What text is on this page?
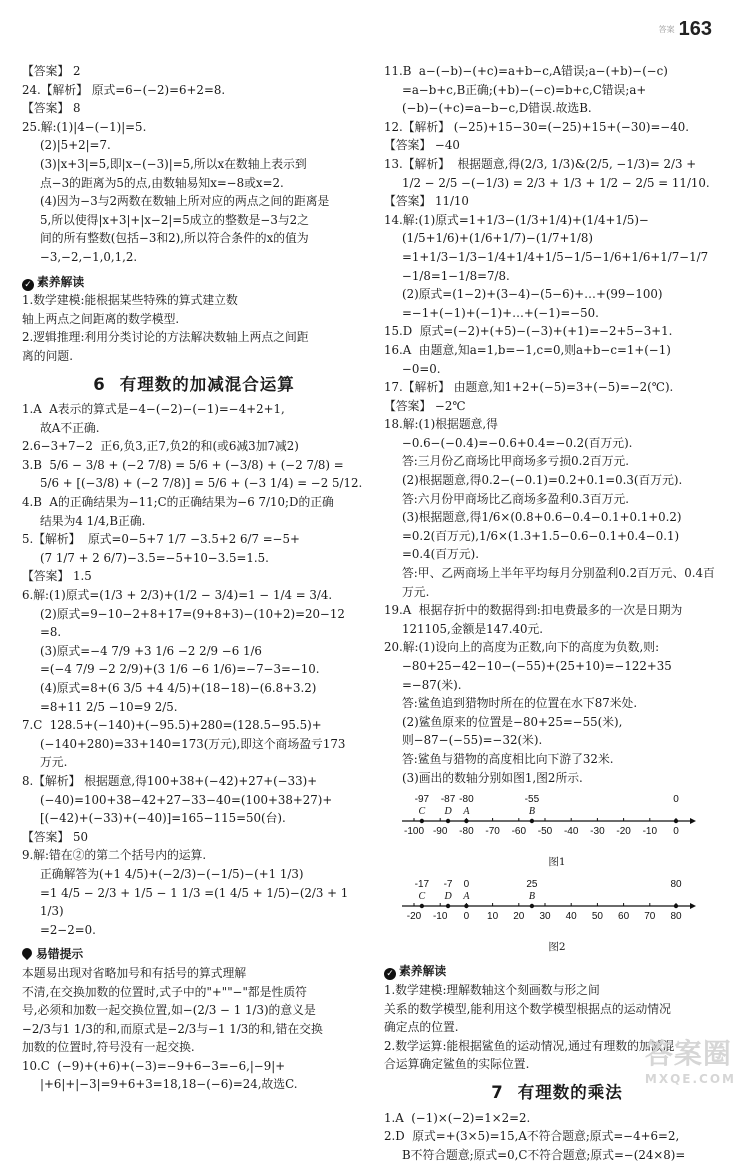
答案 163
【答案】 2
24.【解析】 原式=6−(−2)=6+2=8.
【答案】 8
25.解:(1)|4−(−1)|=5.
(2)|5+2|=7.
(3)|x+3|=5,即|x−(−3)|=5,所以x在数轴上表示到
点−3的距离为5的点,由数轴易知x=−8或x=2.
(4)因为−3与2两数在数轴上所对应的两点之间的距离是
5,所以使得|x+3|+|x−2|=5成立的整数是−3与2之
间的所有整数(包括−3和2),所以符合条件的x的值为
−3,−2,−1,0,1,2.
✓ 素养解读
1.数学建模:能根据某些特殊的算式建立数
轴上两点之间距离的数学模型.
2.逻辑推理:利用分类讨论的方法解决数轴上两点之间距
离的问题.
6 有理数的加减混合运算
1.A  A表示的算式是−4−(−2)−(−1)=−4+2+1,
故A不正确.
2.6−3+7−2  正6,负3,正7,负2的和(或6减3加7减2)
3.B  5/6 − 3/8 + (−2 7/8) = 5/6 + (−3/8) + (−2 7/8) =
5/6 + [(−3/8) + (−2 7/8)] = 5/6 + (−3 1/4) = −2 5/12.
4.B  A的正确结果为−11;C的正确结果为−6 7/10;D的正确
结果为4 1/4,B正确.
5.【解析】  原式=0−5+7 1/7 −3.5+2 6/7 =−5+
(7 1/7 + 2 6/7)−3.5=−5+10−3.5=1.5.
【答案】 1.5
6.解:(1)原式=(1/3 + 2/3)+(1/2 − 3/4)=1 − 1/4 = 3/4.
(2)原式=9−10−2+8+17=(9+8+3)−(10+2)=20−12
=8.
(3)原式=−4 7/9 +3 1/6 −2 2/9 −6 1/6
=(−4 7/9 −2 2/9)+(3 1/6 −6 1/6)=−7−3=−10.
(4)原式=8+(6 3/5 +4 4/5)+(18−18)−(6.8+3.2)
=8+11 2/5 −10=9 2/5.
7.C  128.5+(−140)+(−95.5)+280=(128.5−95.5)+
(−140+280)=33+140=173(万元),即这个商场盈亏173
万元.
8.【解析】 根据题意,得100+38+(−42)+27+(−33)+
(−40)=100+38−42+27−33−40=(100+38+27)+
[(−42)+(−33)+(−40)]=165−115=50(台).
【答案】 50
9.解:错在②的第二个括号内的运算.
正确解答为(+1 4/5)+(−2/3)−(−1/5)−(+1 1/3)
=1 4/5 − 2/3 + 1/5 − 1 1/3 =(1 4/5 + 1/5)−(2/3 + 1 1/3)
=2−2=0.
易错提示
本题易出现对省略加号和有括号的算式理解
不清,在交换加数的位置时,式子中的"+""−"都是性质符
号,必须和加数一起交换位置,如−(2/3 − 1 1/3)的意义是
−2/3与1 1/3的和,而原式是−2/3与−1 1/3的和,错在交换
加数的位置时,符号没有一起交换.
10.C  (−9)+(+6)+(−3)=−9+6−3=−6,|−9|+
|+6|+|−3|=9+6+3=18,18−(−6)=24,故选C.
11.B  a−(−b)−(+c)=a+b−c,A错误;a−(+b)−(−c)
=a−b+c,B正确;(+b)−(−c)=b+c,C错误;a+
(−b)−(+c)=a−b−c,D错误.故选B.
12.【解析】 (−25)+15−30=(−25)+15+(−30)=−40.
【答案】 −40
13.【解析】  根据题意,得(2/3, 1/3)&(2/5, −1/3)= 2/3 +
1/2 − 2/5 −(−1/3) = 2/3 + 1/3 + 1/2 − 2/5 = 11/10.
【答案】 11/10
14.解:(1)原式=1+1/3−(1/3+1/4)+(1/4+1/5)−
(1/5+1/6)+(1/6+1/7)−(1/7+1/8)
=1+1/3−1/3−1/4+1/4+1/5−1/5−1/6+1/6+1/7−1/7
−1/8=1−1/8=7/8.
(2)原式=(1−2)+(3−4)−(5−6)+…+(99−100)
=−1+(−1)+(−1)+…+(−1)=−50.
15.D  原式=(−2)+(+5)−(−3)+(+1)=−2+5−3+1.
16.A  由题意,知a=1,b=−1,c=0,则a+b−c=1+(−1)
−0=0.
17.【解析】 由题意,知1+2+(−5)=3+(−5)=−2(℃).
【答案】 −2℃
18.解:(1)根据题意,得
−0.6−(−0.4)=−0.6+0.4=−0.2(百万元).
答:三月份乙商场比甲商场多亏损0.2百万元.
(2)根据题意,得0.2−(−0.1)=0.2+0.1=0.3(百万元).
答:六月份甲商场比乙商场多盈利0.3百万元.
(3)根据题意,得1/6×(0.8+0.6−0.4−0.1+0.1+0.2)
=0.2(百万元),1/6×(1.3+1.5−0.6−0.1+0.4−0.1)
=0.4(百万元).
答:甲、乙两商场上半年平均每月分别盈利0.2百万元、0.4百
万元.
19.A  根据存折中的数据得到:扣电费最多的一次是日期为
121105,金额是147.40元.
20.解:(1)设向上的高度为正数,向下的高度为负数,则:
−80+25−42−10−(−55)+(25+10)=−122+35
=−87(米).
答:鲨鱼追到猎物时所在的位置在水下87米处.
(2)鲨鱼原来的位置是−80+25=−55(米),
则−87−(−55)=−32(米).
答:鲨鱼与猎物的高度相比向下游了32米.
(3)画出的数轴分别如图1,图2所示.
-100 -90 -80 -70 -60 -50 -40 -30 -20 -10 0
-97
C
-87
D
-80
A
-55
B
0
图1
-20 -10 0 10 20 30 40 50 60 70 80
-17
C
-7
D
0
A
25
B
80
图2
✓ 素养解读
1.数学建模:理解数轴这个刻画数与形之间
关系的数学模型,能利用这个数学模型根据点的运动情况
确定点的位置.
2.数学运算:能根据鲨鱼的运动情况,通过有理数的加减混
合运算确定鲨鱼的实际位置.
7 有理数的乘法
1.A  (−1)×(−2)=1×2=2.
2.D  原式=+(3×5)=15,A不符合题意;原式=−4+6=2,
B不符合题意;原式=0,C不符合题意;原式=−(24×8)=
答案圈
MXQE.COM
